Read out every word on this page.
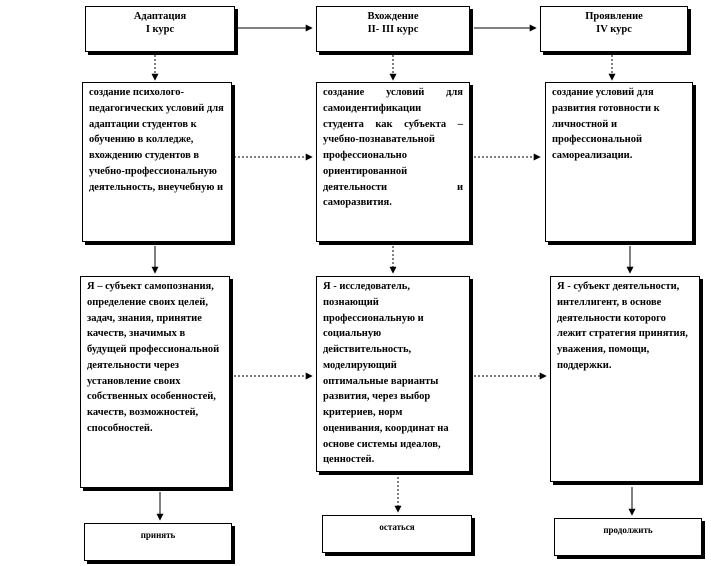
Адаптация
I курс

создание психолого-педагогических условий для адаптации студентов к обучению в колледже, вхождению студентов в учебно-профессиональную деятельность, внеучебную и

Я – субъект самопознания, определение своих целей, задач, знания, принятие качеств, значимых в будущей профессиональной деятельности через установление своих собственных особенностей, качеств, возможностей, способностей.

принять

Вхождение
II- III курс

создание условий для самоидентификации студента как субъекта – учебно-познавательной профессионально ориентированной деятельности и саморазвития.

Я - исследователь, познающий профессиональную и социальную действительность, моделирующий оптимальные варианты развития, через выбор критериев, норм оценивания, координат на основе системы идеалов, ценностей.

остаться

Проявление
IV курс

создание условий для развития готовности к личностной и профессиональной самореализации.

Я - субъект деятельности, интеллигент, в основе деятельности которого лежит стратегия принятия, уважения, помощи, поддержки.

продолжить
